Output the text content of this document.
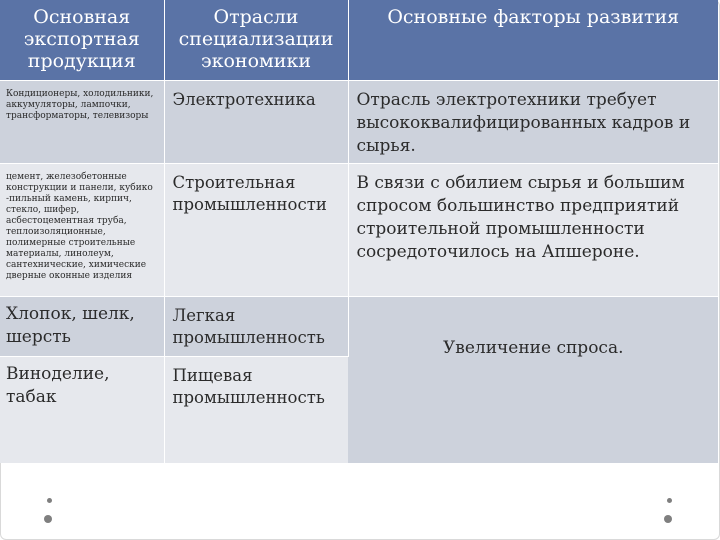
Основная экспортная продукция	Отрасли специализации экономики	Основные факторы развития
Кондиционеры, холодильники, аккумуляторы, лампочки, трансформаторы, телевизоры	Электротехника	Отрасль электротехники требует высококвалифицированных кадров и сырья.
цемент, железобетонные конструкции и панели, кубико -пильный камень, кирпич, стекло, шифер, асбестоцементная труба, теплоизоляционные, полимерные строительные материалы, линолеум, сантехнические, химические дверные оконные изделия	Строительная промышленности	В связи с обилием сырья и большим спросом большинство предприятий строительной промышленности сосредоточилось на Апшероне.
Хлопок, шелк, шерсть	Легкая промышленность	Увеличение спроса.
Виноделие, табак	Пищевая промышленность	
